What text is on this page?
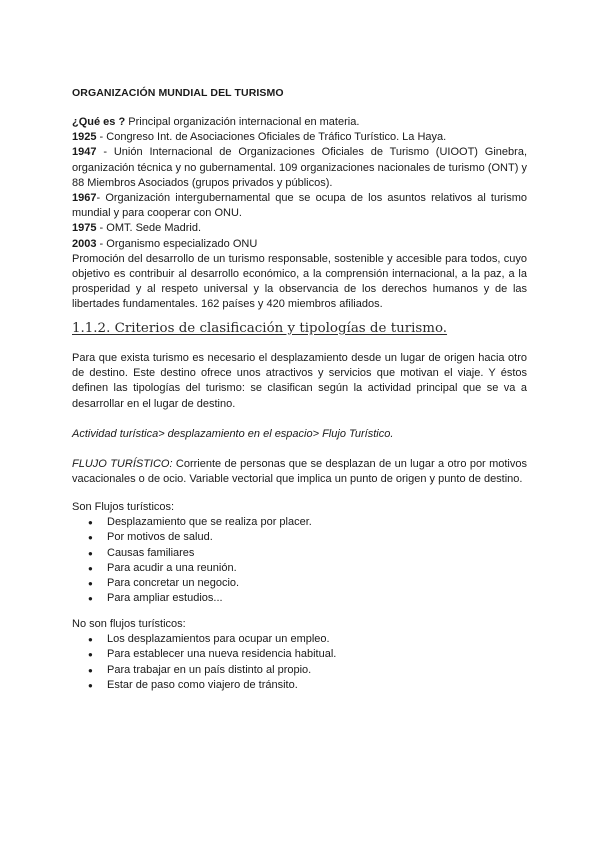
ORGANIZACIÓN MUNDIAL DEL TURISMO

¿Qué es ? Principal organización internacional en materia.

1925 - Congreso Int. de Asociaciones Oficiales de Tráfico Turístico. La Haya.

1947 - Unión Internacional de Organizaciones Oficiales de Turismo (UIOOT) Ginebra, organización técnica y no gubernamental. 109 organizaciones nacionales de turismo (ONT) y 88 Miembros Asociados (grupos privados y públicos).

1967- Organización intergubernamental que se ocupa de los asuntos relativos al turismo mundial y para cooperar con ONU.

1975 - OMT. Sede Madrid.

2003 - Organismo especializado ONU

Promoción del desarrollo de un turismo responsable, sostenible y accesible para todos, cuyo objetivo es contribuir al desarrollo económico, a la comprensión internacional, a la paz, a la prosperidad y al respeto universal y la observancia de los derechos humanos y de las libertades fundamentales. 162 países y 420 miembros afiliados.

1.1.2. Criterios de clasificación y tipologías de turismo.

Para que exista turismo es necesario el desplazamiento desde un lugar de origen hacia otro de destino. Este destino ofrece unos atractivos y servicios que motivan el viaje. Y éstos definen las tipologías del turismo: se clasifican según la actividad principal que se va a desarrollar en el lugar de destino.

Actividad turística> desplazamiento en el espacio> Flujo Turístico.

FLUJO TURÍSTICO: Corriente de personas que se desplazan de un lugar a otro por motivos vacacionales o de ocio. Variable vectorial que implica un punto de origen y punto de destino.

Son Flujos turísticos:

● Desplazamiento que se realiza por placer.
● Por motivos de salud.
● Causas familiares
● Para acudir a una reunión.
● Para concretar un negocio.
● Para ampliar estudios...

No son flujos turísticos:

● Los desplazamientos para ocupar un empleo.
● Para establecer una nueva residencia habitual.
● Para trabajar en un país distinto al propio.
● Estar de paso como viajero de tránsito.
